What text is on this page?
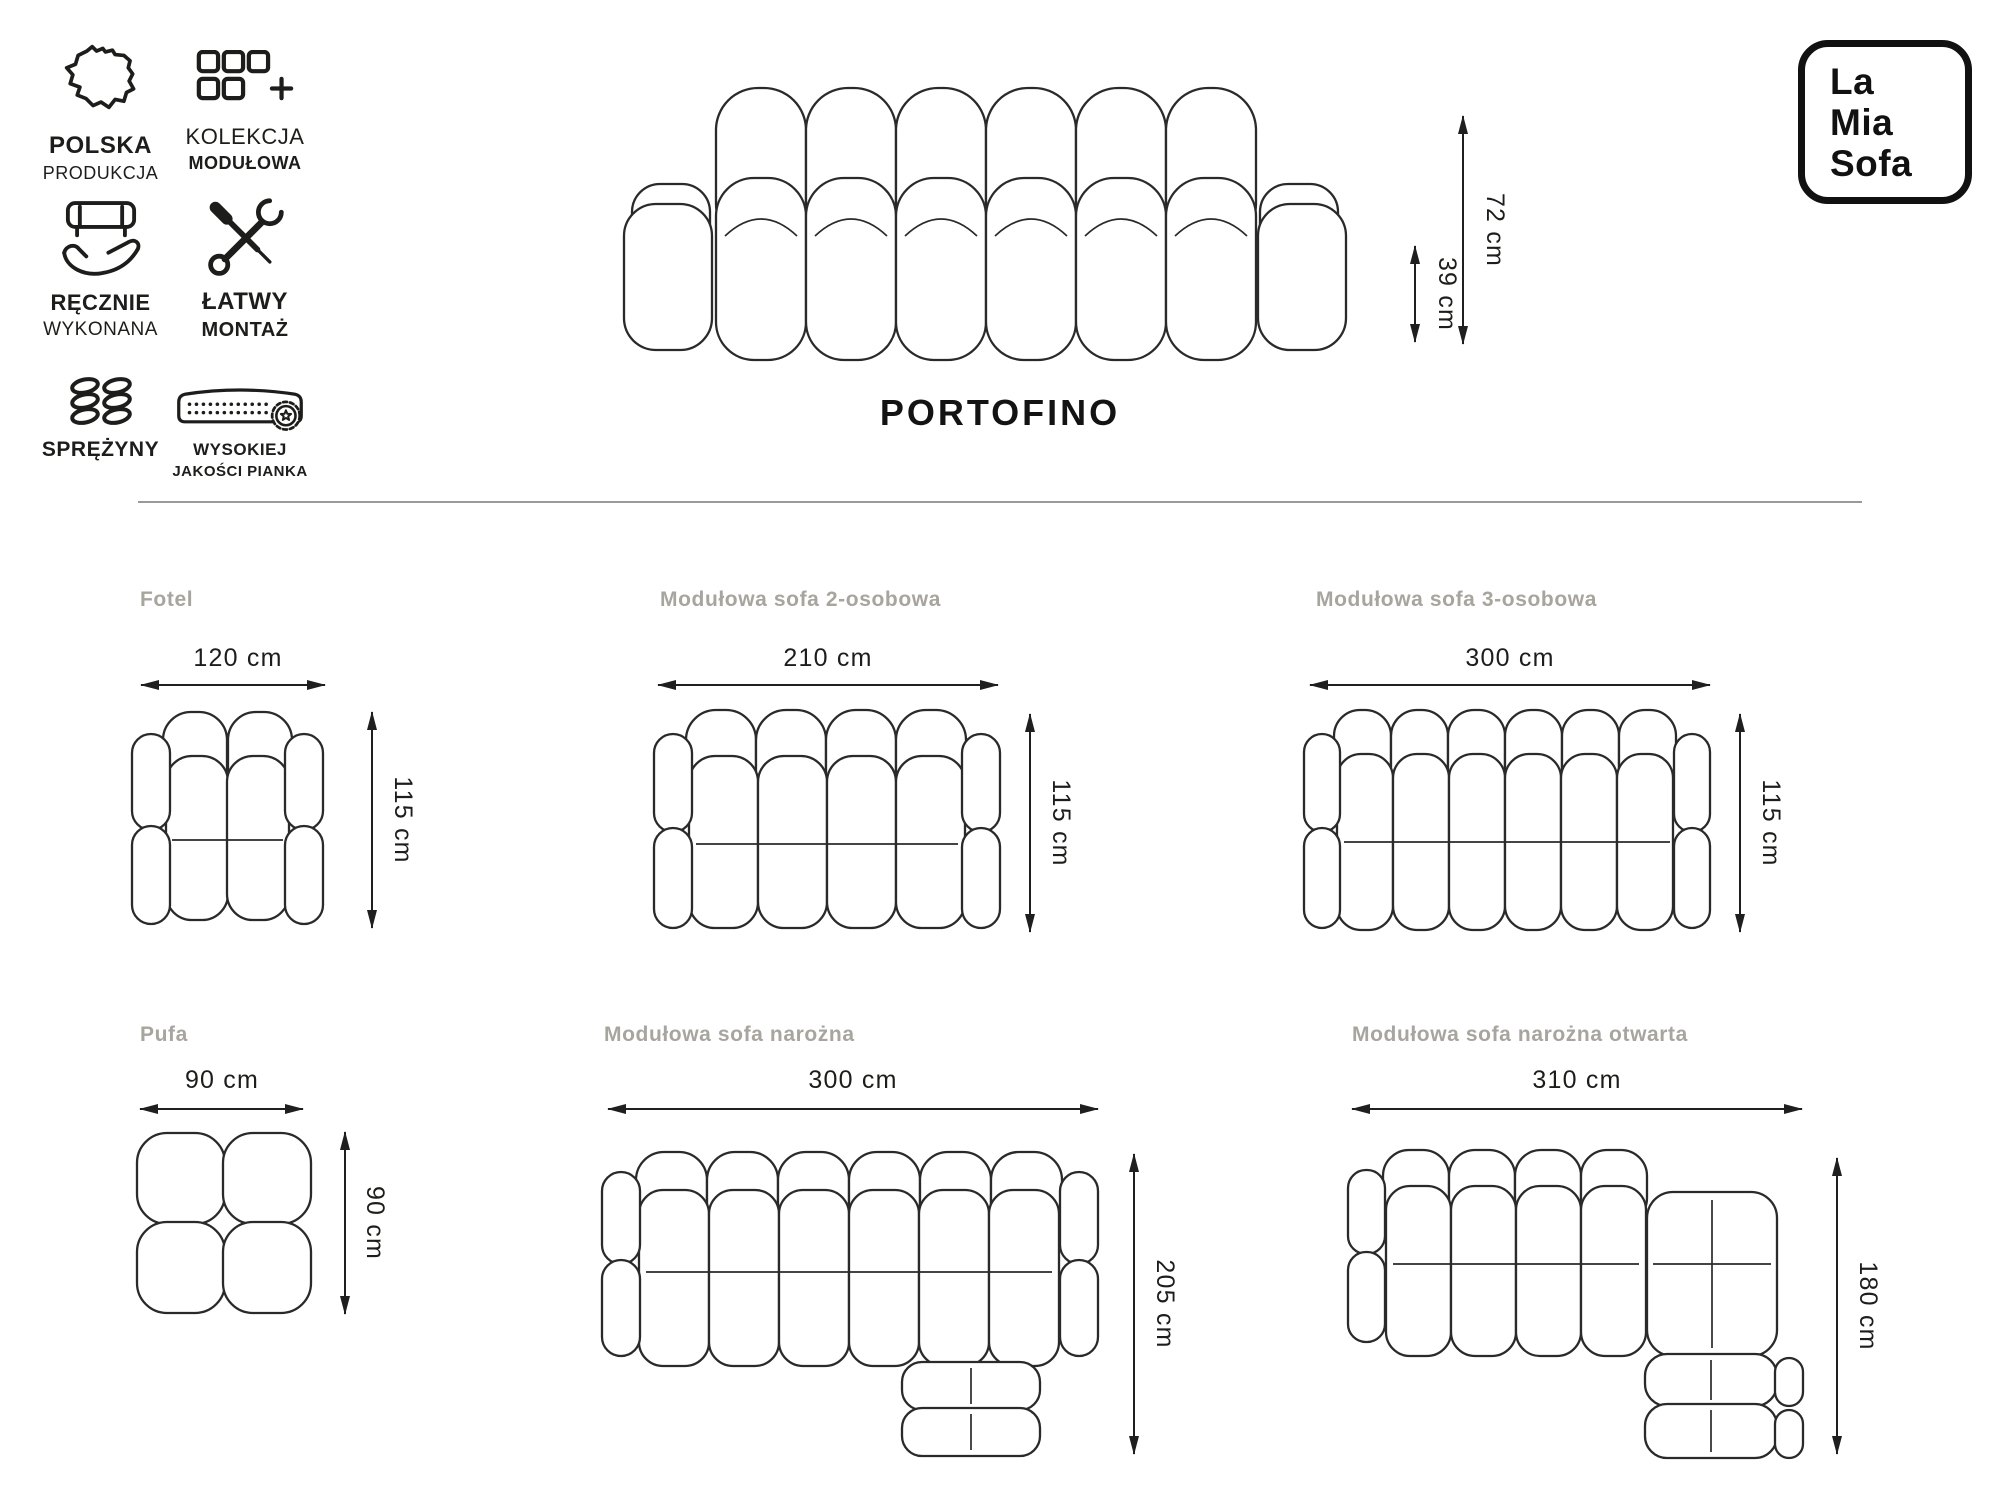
POLSKA
PRODUKCJA
KOLEKCJA
MODUŁOWA
RĘCZNIE
WYKONANA
ŁATWY
MONTAŻ
SPRĘŻYNY WYSOKIEJ
JAKOŚCI PIANKA
La
Mia
Sofa
72 cm
39 cm
PORTOFINO
Fotel
120 cm
115 cm
Modułowa sofa 2-osobowa
210 cm
115 cm
Modułowa sofa 3-osobowa
300 cm
115 cm
Pufa
90 cm
90 cm
Modułowa sofa narożna
300 cm
205 cm
Modułowa sofa narożna otwarta
310 cm
180 cm
